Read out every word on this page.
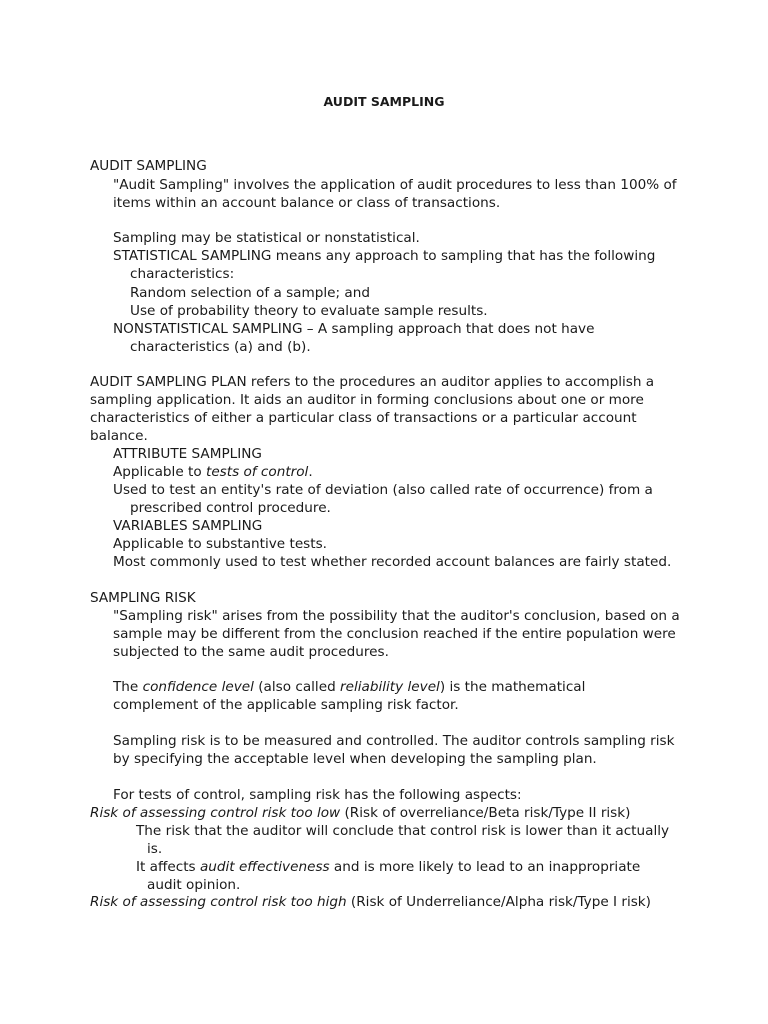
AUDIT SAMPLING
AUDIT SAMPLING
"Audit Sampling" involves the application of audit procedures to less than 100% of
items within an account balance or class of transactions.
Sampling may be statistical or nonstatistical.
STATISTICAL SAMPLING means any approach to sampling that has the following
characteristics:
Random selection of a sample; and
Use of probability theory to evaluate sample results.
NONSTATISTICAL SAMPLING – A sampling approach that does not have
characteristics (a) and (b).
AUDIT SAMPLING PLAN refers to the procedures an auditor applies to accomplish a
sampling application. It aids an auditor in forming conclusions about one or more
characteristics of either a particular class of transactions or a particular account
balance.
ATTRIBUTE SAMPLING
Applicable to tests of control.
Used to test an entity's rate of deviation (also called rate of occurrence) from a
prescribed control procedure.
VARIABLES SAMPLING
Applicable to substantive tests.
Most commonly used to test whether recorded account balances are fairly stated.
SAMPLING RISK
"Sampling risk" arises from the possibility that the auditor's conclusion, based on a
sample may be different from the conclusion reached if the entire population were
subjected to the same audit procedures.
The confidence level (also called reliability level) is the mathematical
complement of the applicable sampling risk factor.
Sampling risk is to be measured and controlled. The auditor controls sampling risk
by specifying the acceptable level when developing the sampling plan.
For tests of control, sampling risk has the following aspects:
Risk of assessing control risk too low (Risk of overreliance/Beta risk/Type II risk)
The risk that the auditor will conclude that control risk is lower than it actually
is.
It affects audit effectiveness and is more likely to lead to an inappropriate
audit opinion.
Risk of assessing control risk too high (Risk of Underreliance/Alpha risk/Type I risk)
